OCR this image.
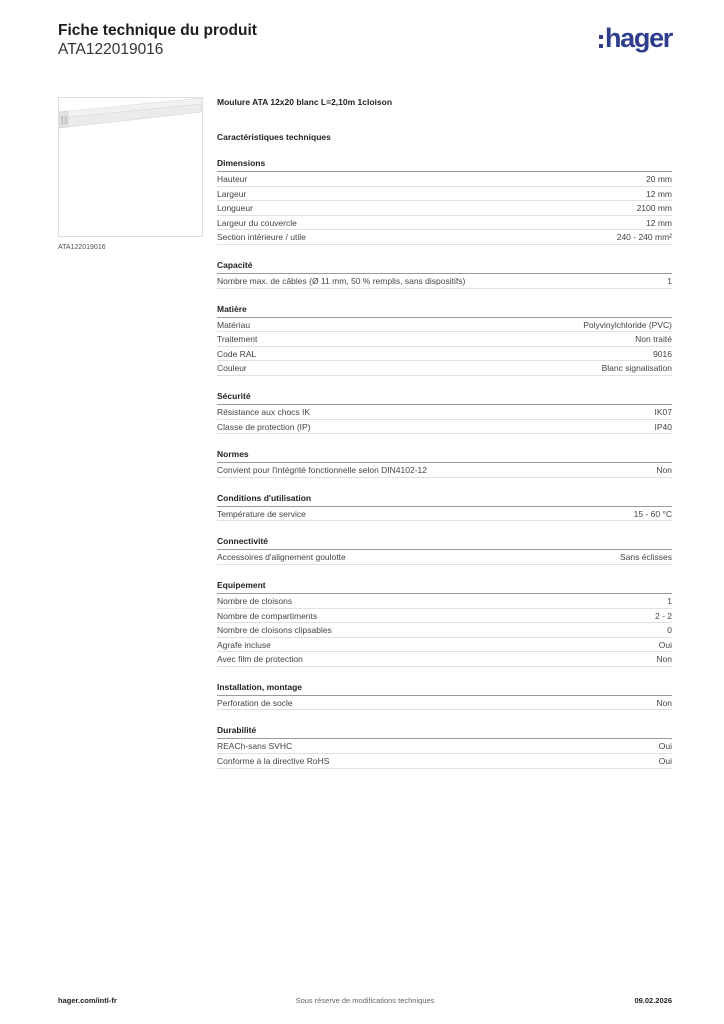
Fiche technique du produit
ATA122019016	hager
ATA122019016
Moulure ATA 12x20 blanc L=2,10m 1cloison
Caractéristiques techniques
Dimensions
Hauteur	20 mm
Largeur	12 mm
Longueur	2100 mm
Largeur du couvercle	12 mm
Section intérieure / utile	240 - 240 mm²
Capacité
Nombre max. de câbles (Ø 11 mm, 50 % remplis, sans dispositifs)	1
Matière
Matériau	Polyvinylchloride (PVC)
Traitement	Non traité
Code RAL	9016
Couleur	Blanc signalisation
Sécurité
Résistance aux chocs IK	IK07
Classe de protection (IP)	IP40
Normes
Convient pour l'intégrité fonctionnelle selon DIN4102-12	Non
Conditions d'utilisation
Température de service	15 - 60 °C
Connectivité
Accessoires d'alignement goulotte	Sans éclisses
Equipement
Nombre de cloisons	1
Nombre de compartiments	2 - 2
Nombre de cloisons clipsables	0
Agrafe incluse	Oui
Avec film de protection	Non
Installation, montage
Perforation de socle	Non
Durabilité
REACh-sans SVHC	Oui
Conforme à la directive RoHS	Oui
hager.com/intl-fr	Sous réserve de modifications techniques	09.02.2026
